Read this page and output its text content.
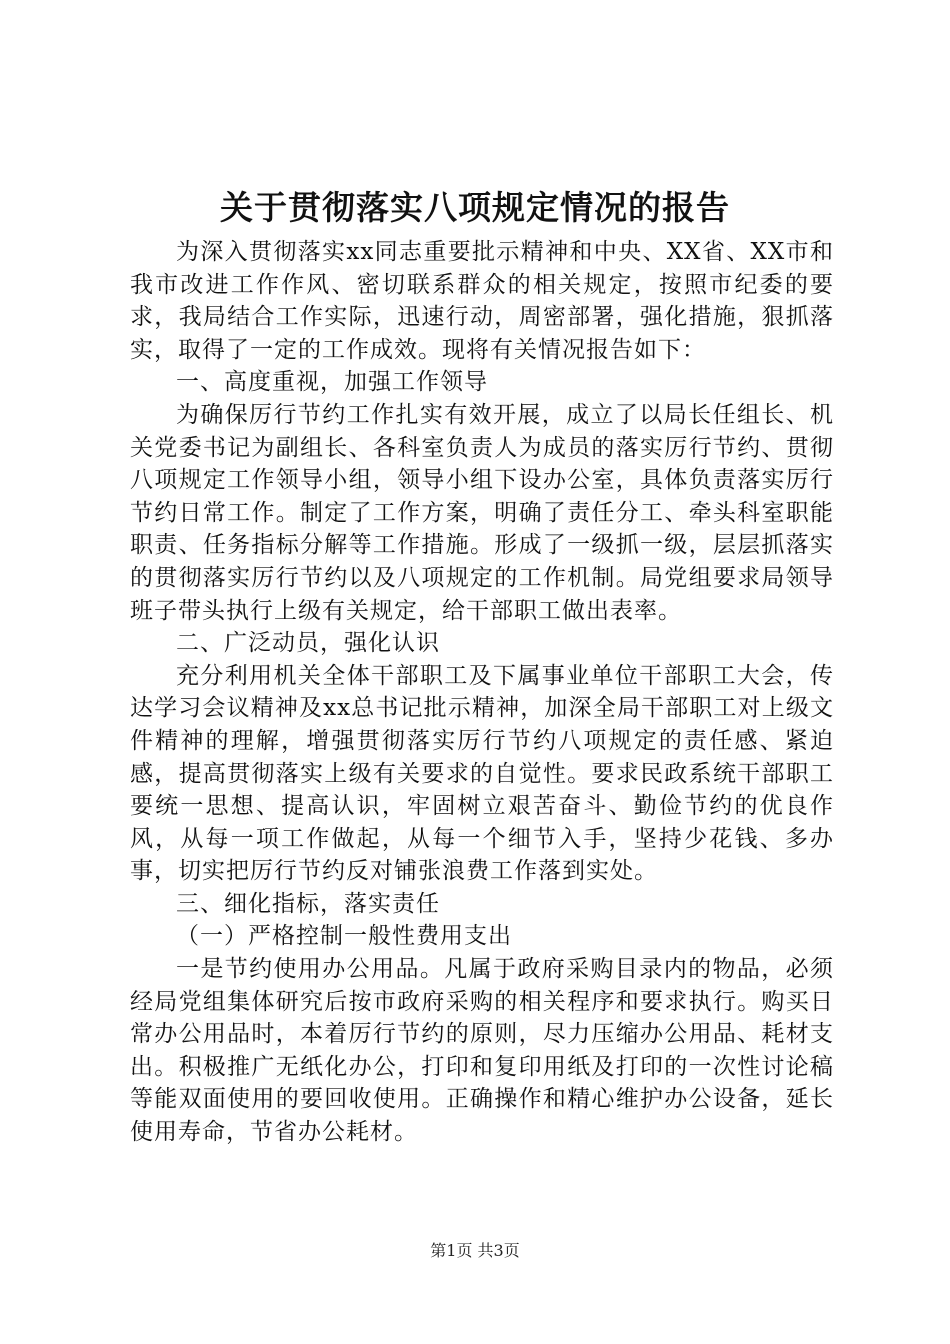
关于贯彻落实八项规定情况的报告

为深入贯彻落实xx同志重要批示精神和中央、XX省、XX市和我市改进工作作风、密切联系群众的相关规定，按照市纪委的要求，我局结合工作实际，迅速行动，周密部署，强化措施，狠抓落实，取得了一定的工作成效。现将有关情况报告如下：

一、高度重视，加强工作领导

为确保厉行节约工作扎实有效开展，成立了以局长任组长、机关党委书记为副组长、各科室负责人为成员的落实厉行节约、贯彻八项规定工作领导小组，领导小组下设办公室，具体负责落实厉行节约日常工作。制定了工作方案，明确了责任分工、牵头科室职能职责、任务指标分解等工作措施。形成了一级抓一级，层层抓落实的贯彻落实厉行节约以及八项规定的工作机制。局党组要求局领导班子带头执行上级有关规定，给干部职工做出表率。

二、广泛动员，强化认识

充分利用机关全体干部职工及下属事业单位干部职工大会，传达学习会议精神及xx总书记批示精神，加深全局干部职工对上级文件精神的理解，增强贯彻落实厉行节约八项规定的责任感、紧迫感，提高贯彻落实上级有关要求的自觉性。要求民政系统干部职工要统一思想、提高认识，牢固树立艰苦奋斗、勤俭节约的优良作风，从每一项工作做起，从每一个细节入手，坚持少花钱、多办事，切实把厉行节约反对铺张浪费工作落到实处。

三、细化指标，落实责任

（一）严格控制一般性费用支出

一是节约使用办公用品。凡属于政府采购目录内的物品，必须经局党组集体研究后按市政府采购的相关程序和要求执行。购买日常办公用品时，本着厉行节约的原则，尽力压缩办公用品、耗材支出。积极推广无纸化办公，打印和复印用纸及打印的一次性讨论稿等能双面使用的要回收使用。正确操作和精心维护办公设备，延长使用寿命，节省办公耗材。

第1页 共3页
